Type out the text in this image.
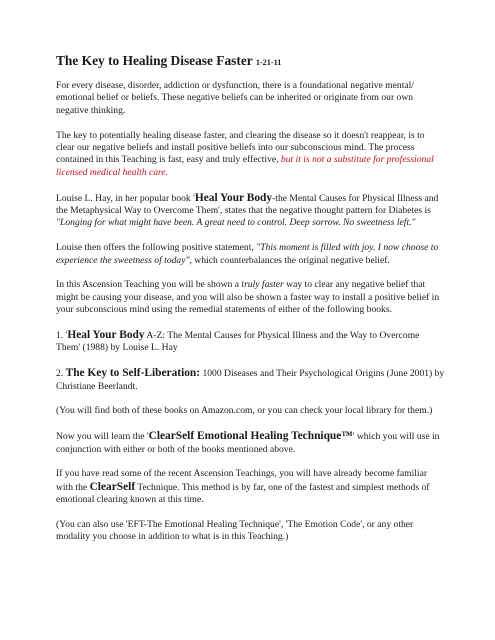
The Key to Healing Disease Faster 1-21-11

For every disease, disorder, addiction or dysfunction, there is a foundational negative mental/ emotional belief or beliefs. These negative beliefs can be inherited or originate from our own negative thinking.

The key to potentially healing disease faster, and clearing the disease so it doesn't reappear, is to clear our negative beliefs and install positive beliefs into our subconscious mind. The process contained in this Teaching is fast, easy and truly effective, but it is not a substitute for professional licensed medical health care.

Louise L. Hay, in her popular book 'Heal Your Body-the Mental Causes for Physical Illness and the Metaphysical Way to Overcome Them', states that the negative thought pattern for Diabetes is "Longing for what might have been. A great need to control. Deep sorrow. No sweetness left."

Louise then offers the following positive statement, "This moment is filled with joy. I now choose to experience the sweetness of today", which counterbalances the original negative belief.

In this Ascension Teaching you will be shown a truly faster way to clear any negative belief that might be causing your disease, and you will also be shown a faster way to install a positive belief in your subconscious mind using the remedial statements of either of the following books.

1. 'Heal Your Body A-Z: The Mental Causes for Physical Illness and the Way to Overcome Them' (1988) by Louise L. Hay

2. The Key to Self-Liberation: 1000 Diseases and Their Psychological Origins (June 2001) by Christiane Beerlandt.

(You will find both of these books on Amazon.com, or you can check your local library for them.)

Now you will learn the 'ClearSelf Emotional Healing Technique™' which you will use in conjunction with either or both of the books mentioned above.

If you have read some of the recent Ascension Teachings, you will have already become familiar with the ClearSelf Technique. This method is by far, one of the fastest and simplest methods of emotional clearing known at this time.

(You can also use 'EFT-The Emotional Healing Technique', 'The Emotion Code', or any other modality you choose in addition to what is in this Teaching.)
